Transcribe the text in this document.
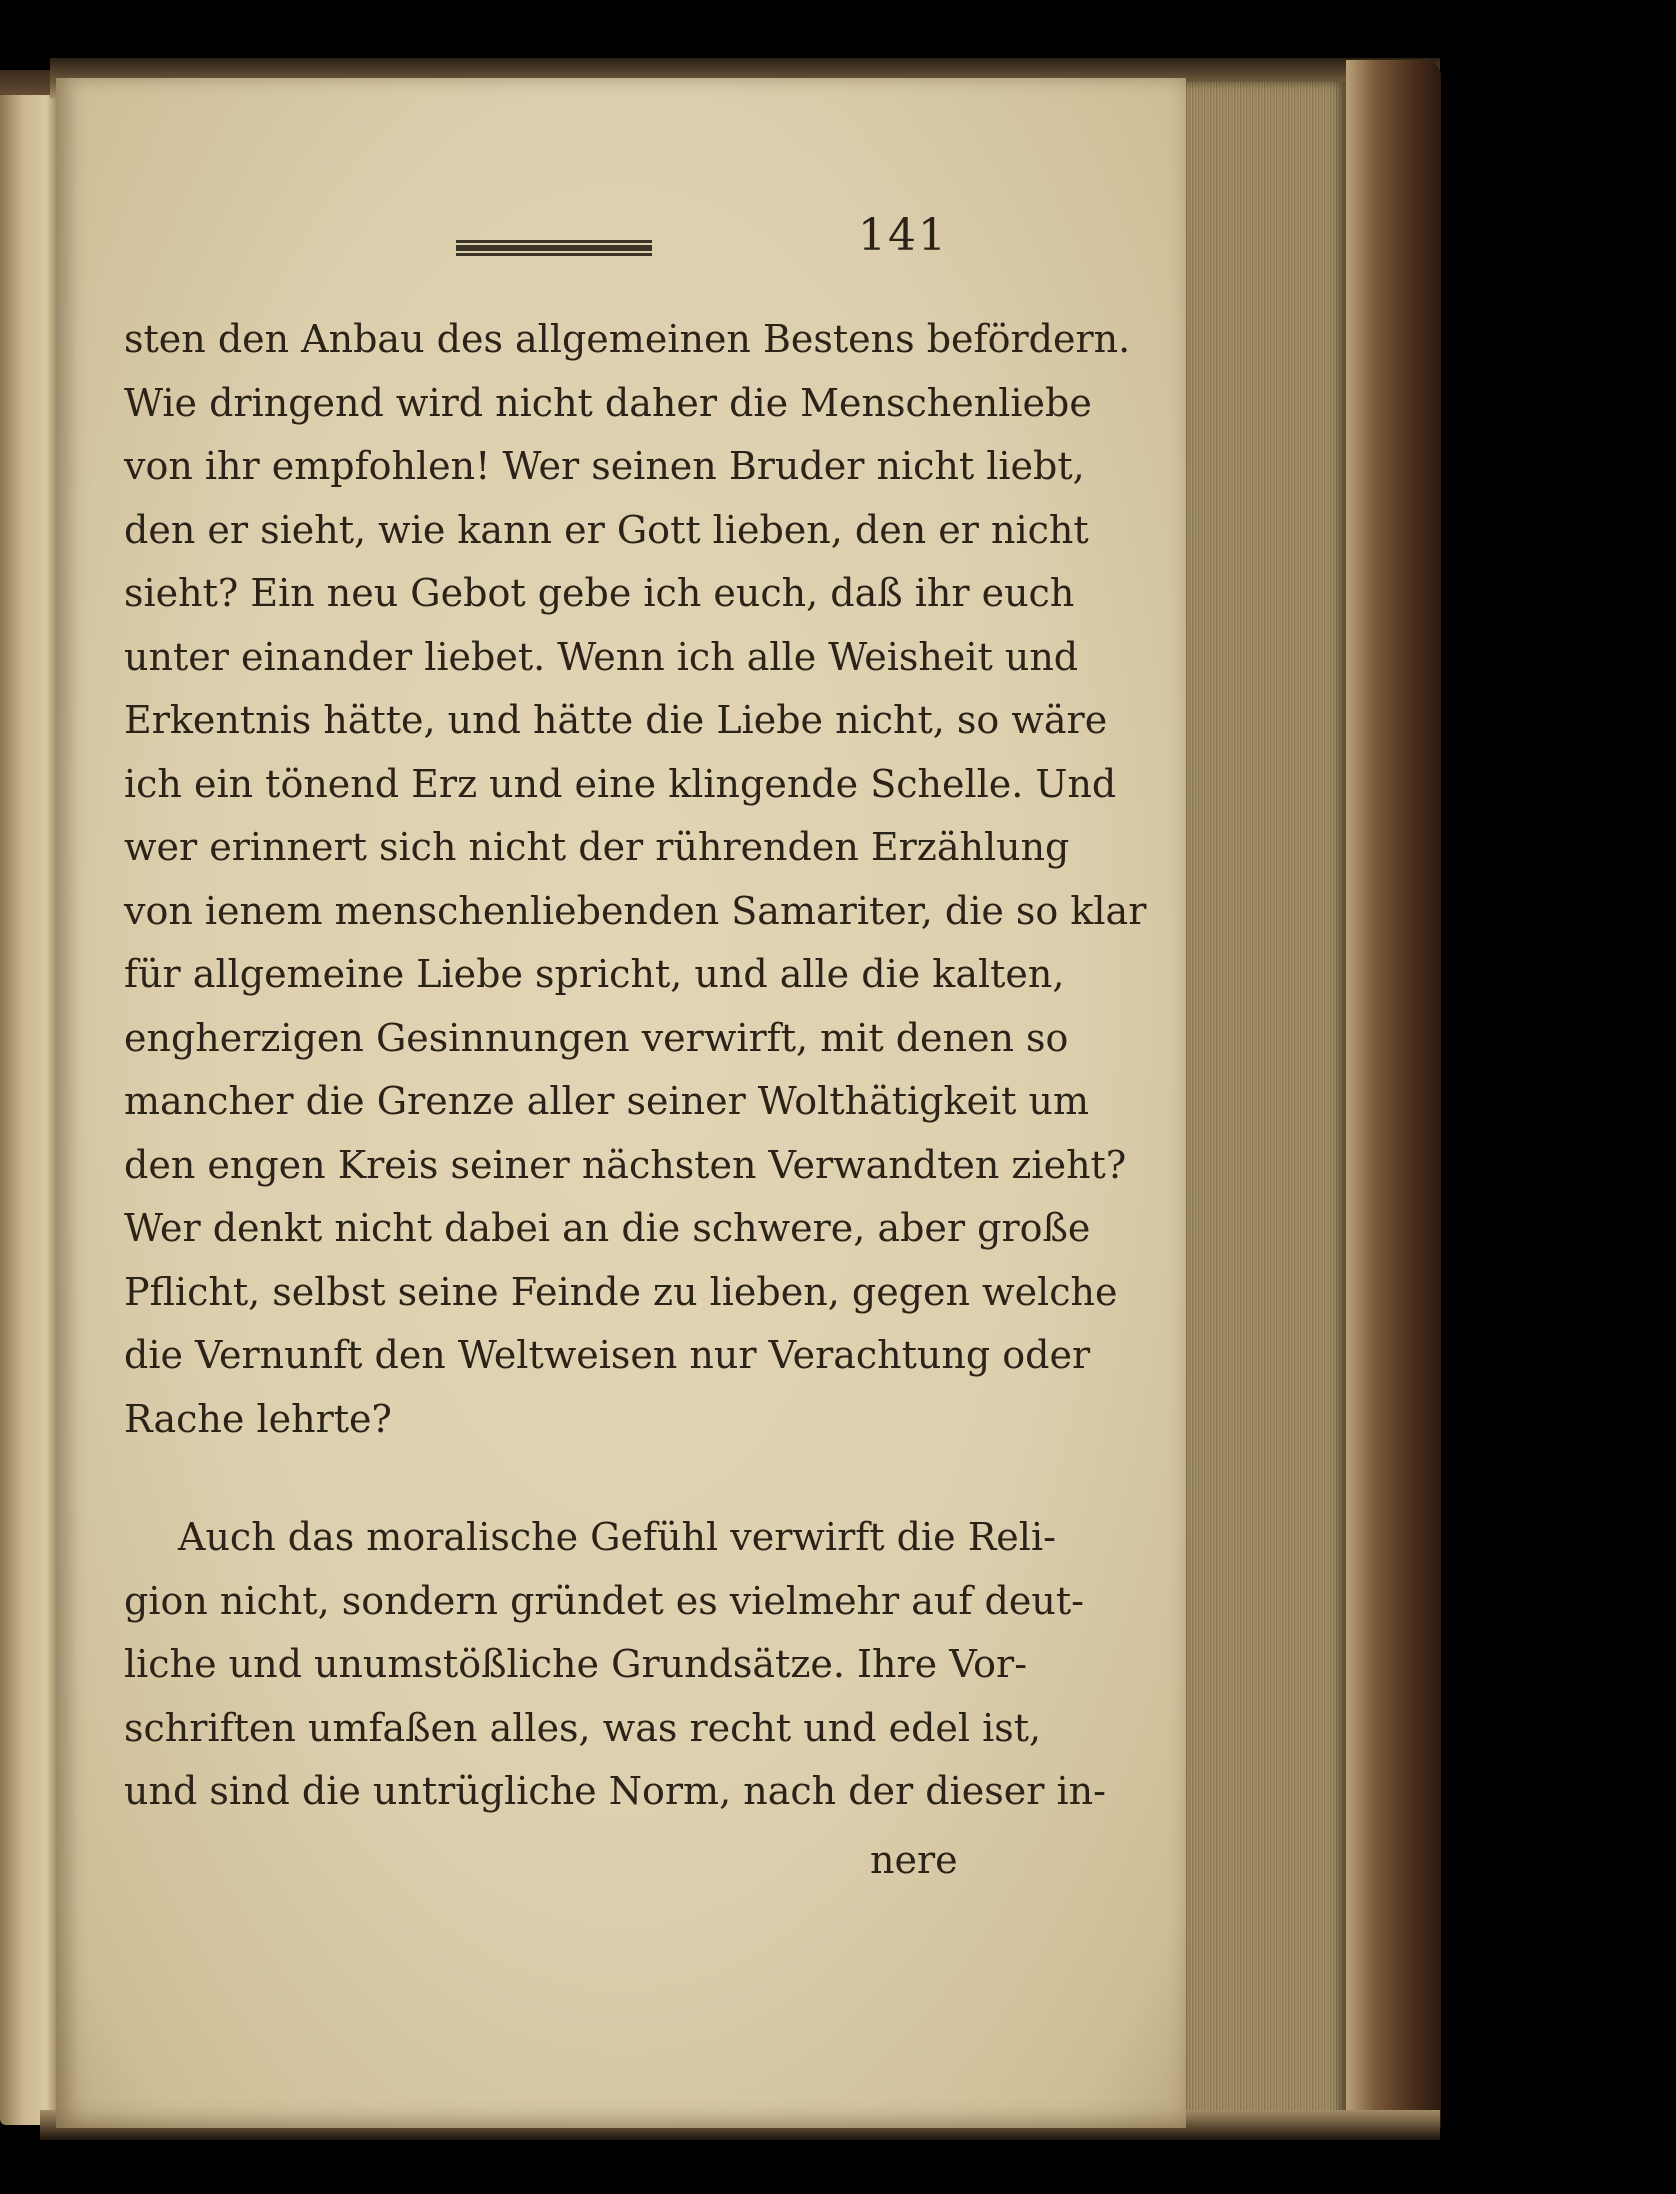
141
sten den Anbau des allgemeinen Bestens befördern.
Wie dringend wird nicht daher die Menschenliebe
von ihr empfohlen! Wer seinen Bruder nicht liebt,
den er sieht, wie kann er Gott lieben, den er nicht
sieht? Ein neu Gebot gebe ich euch, daß ihr euch
unter einander liebet. Wenn ich alle Weisheit und
Erkentnis hätte, und hätte die Liebe nicht, so wäre
ich ein tönend Erz und eine klingende Schelle. Und
wer erinnert sich nicht der rührenden Erzählung
von ienem menschenliebenden Samariter, die so klar
für allgemeine Liebe spricht, und alle die kalten,
engherzigen Gesinnungen verwirft, mit denen so
mancher die Grenze aller seiner Wolthätigkeit um
den engen Kreis seiner nächsten Verwandten zieht?
Wer denkt nicht dabei an die schwere, aber große
Pflicht, selbst seine Feinde zu lieben, gegen welche
die Vernunft den Weltweisen nur Verachtung oder
Rache lehrte?
Auch das moralische Gefühl verwirft die Reli-
gion nicht, sondern gründet es vielmehr auf deut-
liche und unumstößliche Grundsätze. Ihre Vor-
schriften umfaßen alles, was recht und edel ist,
und sind die untrügliche Norm, nach der dieser in-
nere
